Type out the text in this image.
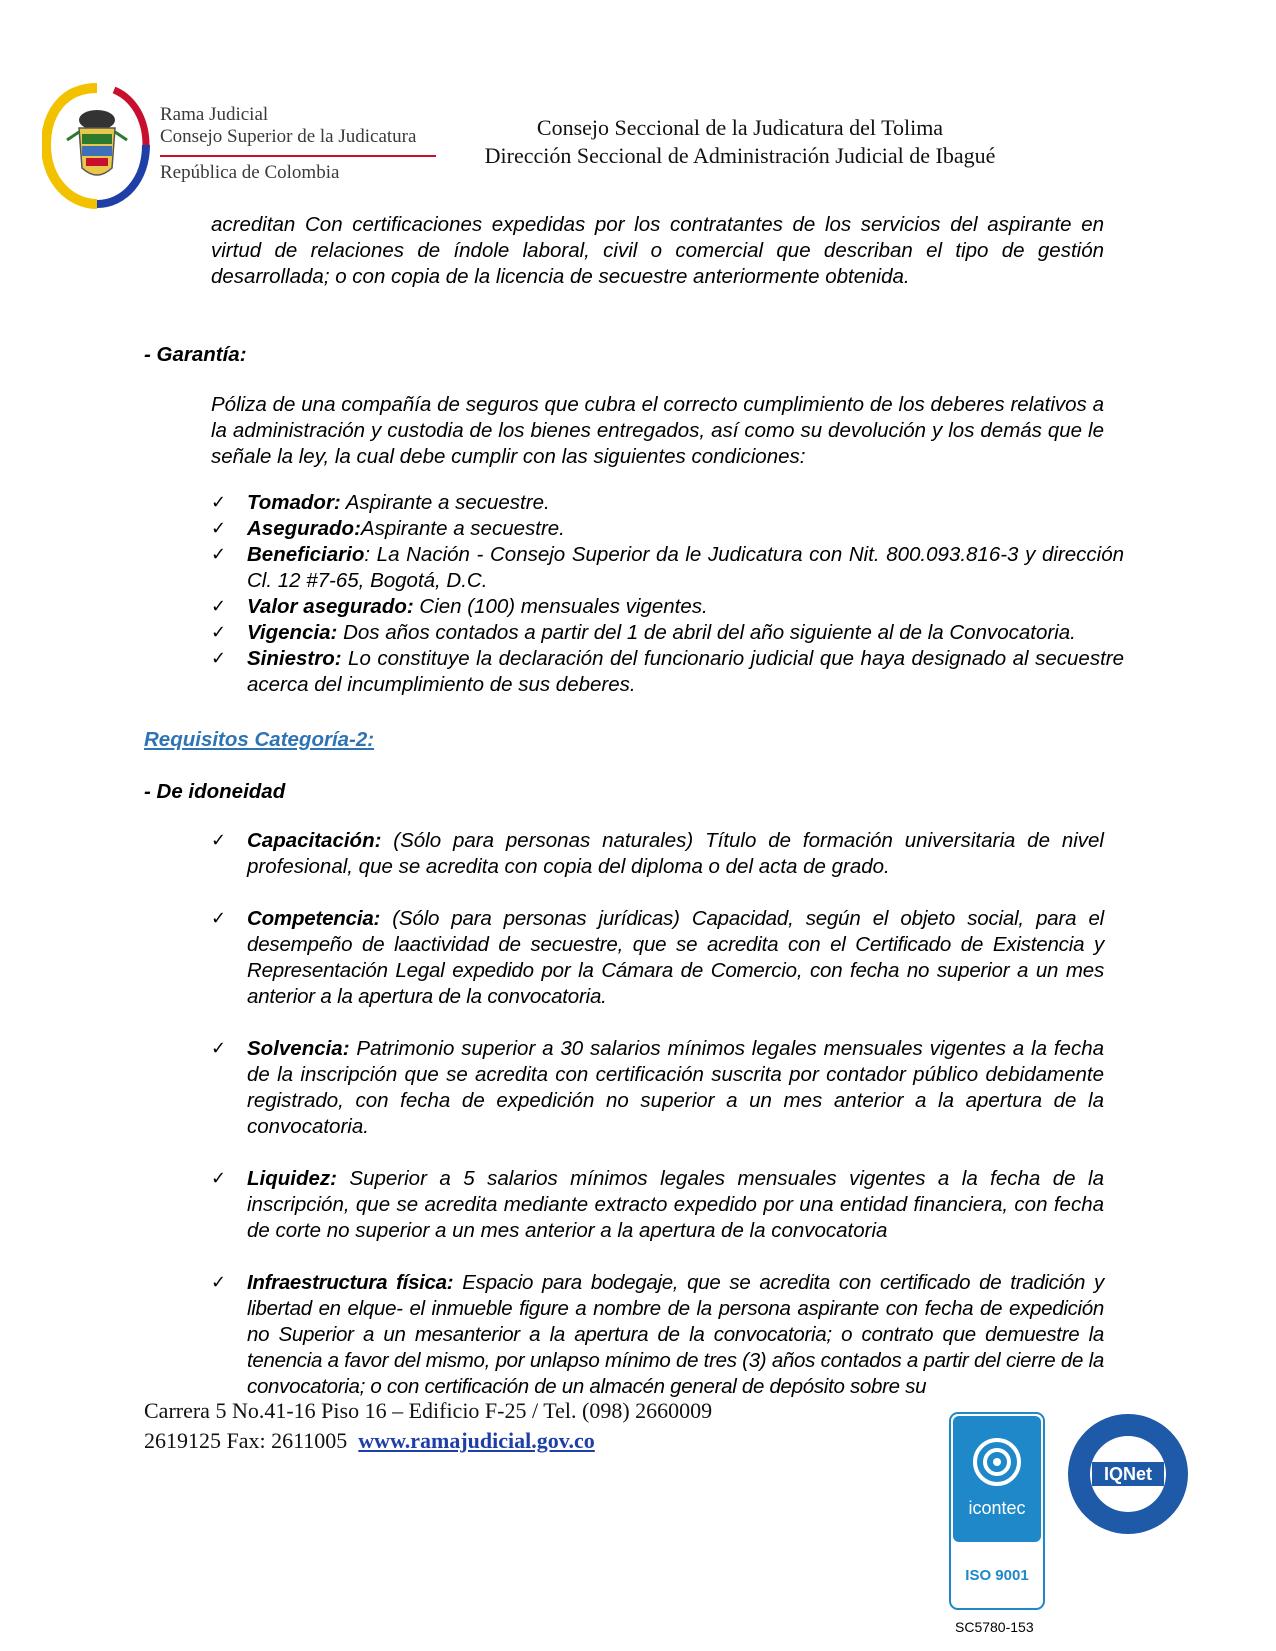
Rama Judicial
Consejo Superior de la Judicatura
República de Colombia
Consejo Seccional de la Judicatura del Tolima
Dirección Seccional de Administración Judicial de Ibagué
acreditan Con certificaciones expedidas por los contratantes de los servicios del aspirante en virtud de relaciones de índole laboral, civil o comercial que describan el tipo de gestión desarrollada; o con copia de la licencia de secuestre anteriormente obtenida.
- Garantía:
Póliza de una compañía de seguros que cubra el correcto cumplimiento de los deberes relativos a la administración y custodia de los bienes entregados, así como su devolución y los demás que le señale la ley, la cual debe cumplir con las siguientes condiciones:
✓ Tomador: Aspirante a secuestre.
✓ Asegurado:Aspirante a secuestre.
✓ Beneficiario: La Nación - Consejo Superior da le Judicatura con Nit. 800.093.816-3 y dirección Cl. 12 #7-65, Bogotá, D.C.
✓ Valor asegurado: Cien (100) mensuales vigentes.
✓ Vigencia: Dos años contados a partir del 1 de abril del año siguiente al de la Convocatoria.
✓ Siniestro: Lo constituye la declaración del funcionario judicial que haya designado al secuestre acerca del incumplimiento de sus deberes.
Requisitos Categoría-2:
- De idoneidad
✓ Capacitación: (Sólo para personas naturales) Título de formación universitaria de nivel profesional, que se acredita con copia del diploma o del acta de grado.
✓ Competencia: (Sólo para personas jurídicas) Capacidad, según el objeto social, para el desempeño de laactividad de secuestre, que se acredita con el Certificado de Existencia y Representación Legal expedido por la Cámara de Comercio, con fecha no superior a un mes anterior a la apertura de la convocatoria.
✓ Solvencia: Patrimonio superior a 30 salarios mínimos legales mensuales vigentes a la fecha de la inscripción que se acredita con certificación suscrita por contador público debidamente registrado, con fecha de expedición no superior a un mes anterior a la apertura de la convocatoria.
✓ Liquidez: Superior a 5 salarios mínimos legales mensuales vigentes a la fecha de la inscripción, que se acredita mediante extracto expedido por una entidad financiera, con fecha de corte no superior a un mes anterior a la apertura de la convocatoria
✓ Infraestructura física: Espacio para bodegaje, que se acredita con certificado de tradición y libertad en elque- el inmueble figure a nombre de la persona aspirante con fecha de expedición no Superior a un mesanterior a la apertura de la convocatoria; o contrato que demuestre la tenencia a favor del mismo, por unlapso mínimo de tres (3) años contados a partir del cierre de la convocatoria; o con certificación de un almacén general de depósito sobre su
Carrera 5 No.41-16 Piso 16 – Edificio F-25 / Tel. (098) 2660009
2619125 Fax: 2611005 www.ramajudicial.gov.co
icontec
ISO 9001
IQNet
SC5780-153
